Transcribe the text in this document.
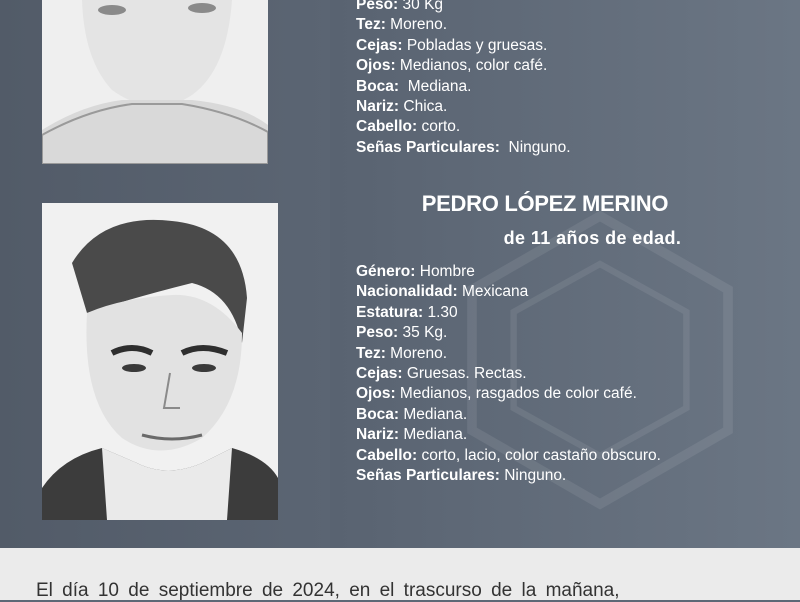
Peso: 30 Kg
Tez: Moreno.
Cejas: Pobladas y gruesas.
Ojos: Medianos, color café.
Boca:  Mediana.
Nariz: Chica.
Cabello: corto.
Señas Particulares:  Ninguno.
PEDRO LÓPEZ MERINO
de 11 años de edad.
Género: Hombre
Nacionalidad: Mexicana
Estatura: 1.30
Peso: 35 Kg.
Tez: Moreno.
Cejas: Gruesas. Rectas.
Ojos: Medianos, rasgados de color café.
Boca: Mediana.
Nariz: Mediana.
Cabello: corto, lacio, color castaño obscuro.
Señas Particulares: Ninguno.
El día 10 de septiembre de 2024, en el trascurso de la mañana,
